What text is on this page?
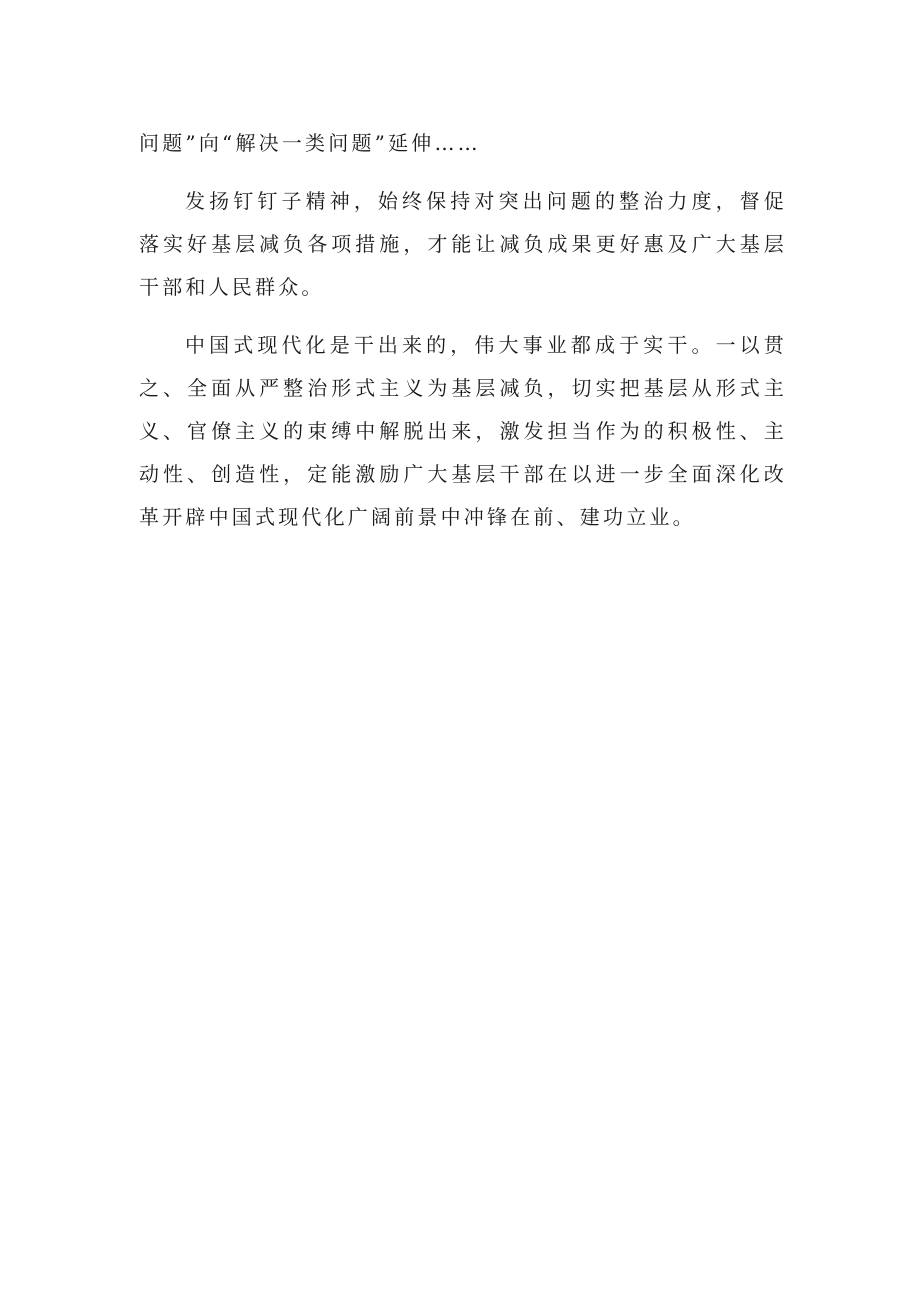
问题”向“解决一类问题”延伸……

发扬钉钉子精神，始终保持对突出问题的整治力度，督促落实好基层减负各项措施，才能让减负成果更好惠及广大基层干部和人民群众。

中国式现代化是干出来的，伟大事业都成于实干。一以贯之、全面从严整治形式主义为基层减负，切实把基层从形式主义、官僚主义的束缚中解脱出来，激发担当作为的积极性、主动性、创造性，定能激励广大基层干部在以进一步全面深化改革开辟中国式现代化广阔前景中冲锋在前、建功立业。
